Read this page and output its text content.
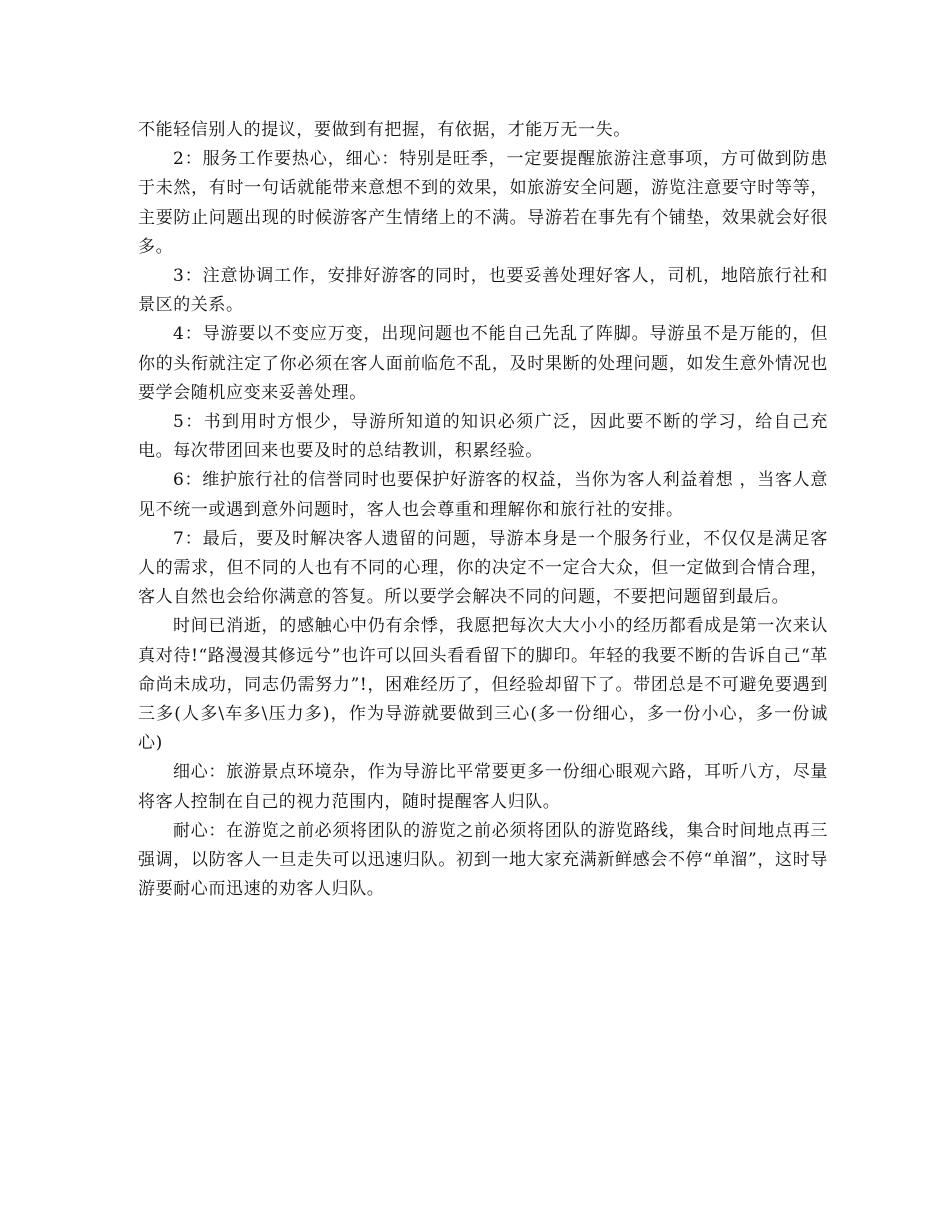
不能轻信别人的提议，要做到有把握，有依据，才能万无一失。

2：服务工作要热心，细心：特别是旺季，一定要提醒旅游注意事项，方可做到防患于未然，有时一句话就能带来意想不到的效果，如旅游安全问题，游览注意要守时等等，主要防止问题出现的时候游客产生情绪上的不满。导游若在事先有个铺垫，效果就会好很多。

3：注意协调工作，安排好游客的同时，也要妥善处理好客人，司机，地陪旅行社和景区的关系。

4：导游要以不变应万变，出现问题也不能自己先乱了阵脚。导游虽不是万能的，但你的头衔就注定了你必须在客人面前临危不乱，及时果断的处理问题，如发生意外情况也要学会随机应变来妥善处理。

5：书到用时方恨少，导游所知道的知识必须广泛，因此要不断的学习，给自己充电。每次带团回来也要及时的总结教训，积累经验。

6：维护旅行社的信誉同时也要保护好游客的权益，当你为客人利益着想 ，当客人意见不统一或遇到意外问题时，客人也会尊重和理解你和旅行社的安排。

7：最后，要及时解决客人遗留的问题，导游本身是一个服务行业，不仅仅是满足客人的需求，但不同的人也有不同的心理，你的决定不一定合大众，但一定做到合情合理，客人自然也会给你满意的答复。所以要学会解决不同的问题，不要把问题留到最后。

时间已消逝，的感触心中仍有余悸，我愿把每次大大小小的经历都看成是第一次来认真对待!“路漫漫其修远兮”也许可以回头看看留下的脚印。年轻的我要不断的告诉自己“革命尚未成功，同志仍需努力”!，困难经历了，但经验却留下了。带团总是不可避免要遇到三多(人多\车多\压力多)，作为导游就要做到三心(多一份细心，多一份小心，多一份诚心)

细心：旅游景点环境杂，作为导游比平常要更多一份细心眼观六路，耳听八方，尽量将客人控制在自己的视力范围内，随时提醒客人归队。

耐心：在游览之前必须将团队的游览之前必须将团队的游览路线，集合时间地点再三强调，以防客人一旦走失可以迅速归队。初到一地大家充满新鲜感会不停“单溜”，这时导游要耐心而迅速的劝客人归队。
